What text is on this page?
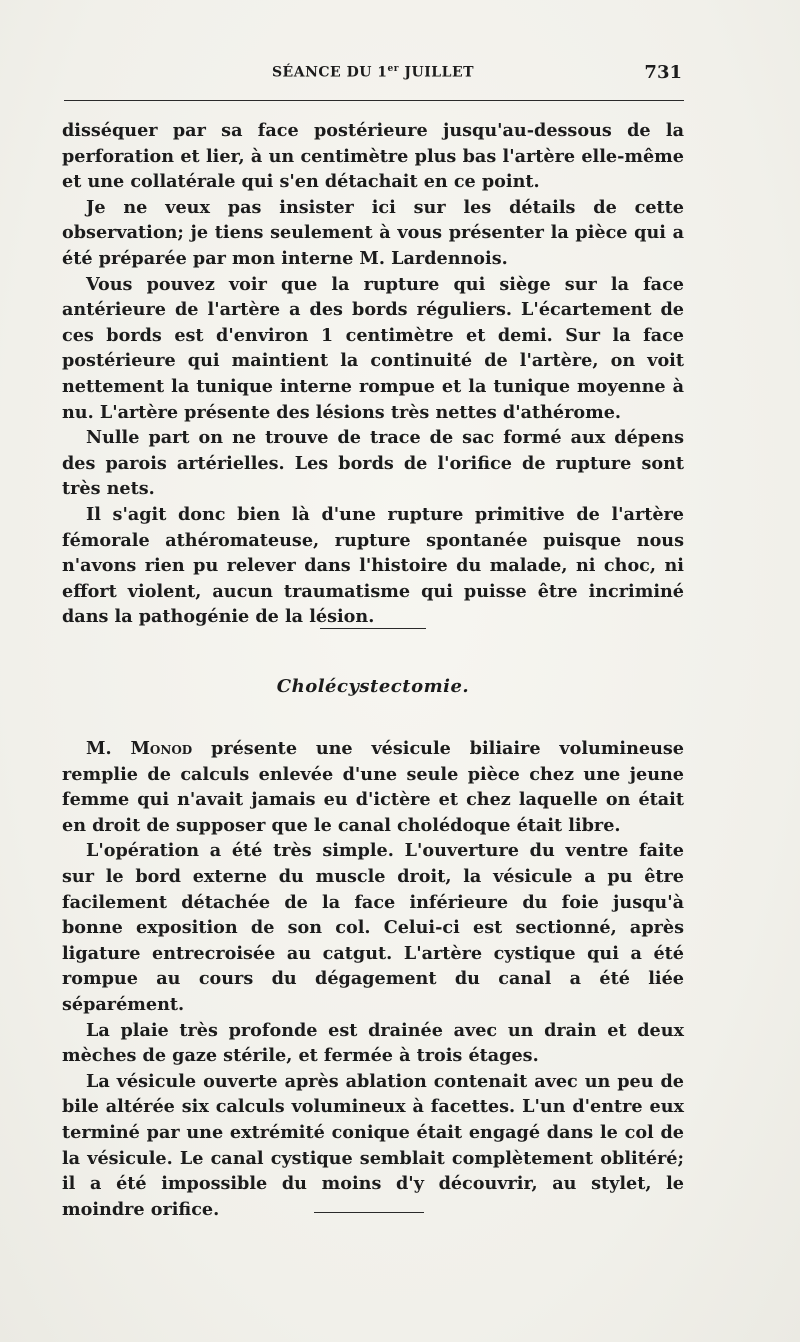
SÉANCE DU 1er JUILLET	731

disséquer par sa face postérieure jusqu'au-dessous de la perforation et lier, à un centimètre plus bas l'artère elle-même et une collatérale qui s'en détachait en ce point.

Je ne veux pas insister ici sur les détails de cette observation; je tiens seulement à vous présenter la pièce qui a été préparée par mon interne M. Lardennois.

Vous pouvez voir que la rupture qui siège sur la face antérieure de l'artère a des bords réguliers. L'écartement de ces bords est d'environ 1 centimètre et demi. Sur la face postérieure qui maintient la continuité de l'artère, on voit nettement la tunique interne rompue et la tunique moyenne à nu. L'artère présente des lésions très nettes d'athérome.

Nulle part on ne trouve de trace de sac formé aux dépens des parois artérielles. Les bords de l'orifice de rupture sont très nets.

Il s'agit donc bien là d'une rupture primitive de l'artère fémorale athéromateuse, rupture spontanée puisque nous n'avons rien pu relever dans l'histoire du malade, ni choc, ni effort violent, aucun traumatisme qui puisse être incriminé dans la pathogénie de la lésion.

Cholécystectomie.

M. Monod présente une vésicule biliaire volumineuse remplie de calculs enlevée d'une seule pièce chez une jeune femme qui n'avait jamais eu d'ictère et chez laquelle on était en droit de supposer que le canal cholédoque était libre.

L'opération a été très simple. L'ouverture du ventre faite sur le bord externe du muscle droit, la vésicule a pu être facilement détachée de la face inférieure du foie jusqu'à bonne exposition de son col. Celui-ci est sectionné, après ligature entrecroisée au catgut. L'artère cystique qui a été rompue au cours du dégagement du canal a été liée séparément.

La plaie très profonde est drainée avec un drain et deux mèches de gaze stérile, et fermée à trois étages.

La vésicule ouverte après ablation contenait avec un peu de bile altérée six calculs volumineux à facettes. L'un d'entre eux terminé par une extrémité conique était engagé dans le col de la vésicule. Le canal cystique semblait complètement oblitéré; il a été impossible du moins d'y découvrir, au stylet, le moindre orifice.
